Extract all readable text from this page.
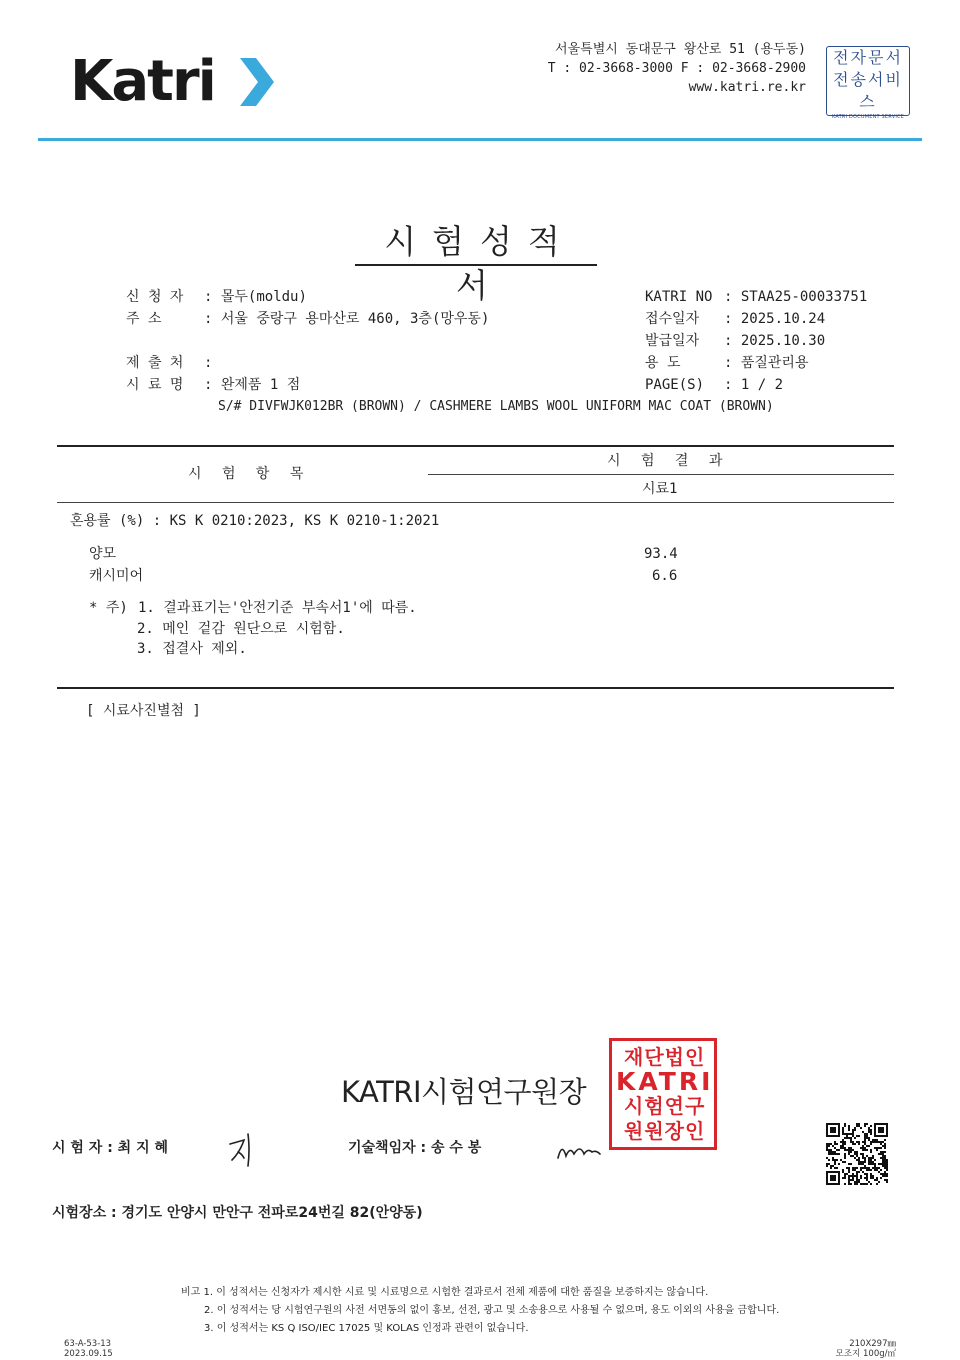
Katri	서울특별시 동대문구 왕산로 51 (용두동)
T : 02-3668-3000 F : 02-3668-2900
www.katri.re.kr
전자문서
전송서비스
KATRI DOCUMENT SERVICE
시험성적서
신 청 자 : 몰두(moldu)
주 소	: 서울 중랑구 용마산로 460, 3층(망우동)
제 출 처 :
시 료 명 : 완제품 1 점
S/# DIVFWJK012BR (BROWN) / CASHMERE LAMBS WOOL UNIFORM MAC COAT (BROWN)
KATRI NO : STAA25-00033751
접수일자 : 2025.10.24
발급일자 : 2025.10.30
용 도	: 품질관리용
PAGE(S) : 1 / 2
시 험 항 목
시 험 결 과
시료1
혼용률 (%) : KS K 0210:2023, KS K 0210-1:2021
양모	93.4
캐시미어	6.6
* 주) 1. 결과표기는'안전기준 부속서1'에 따름.
2. 메인 겉감 원단으로 시험함.
3. 접결사 제외.
[ 시료사진별첨 ]
KATRI시험연구원장
재단법인
KATRI
시험연구
원원장인
시 험 자 : 최 지 혜	기술책임자 : 송 수 봉
시험장소 : 경기도 안양시 만안구 전파로24번길 82(안양동)
비고 1. 이 성적서는 신청자가 제시한 시료 및 시료명으로 시험한 결과로서 전체 제품에 대한 품질을 보증하지는 않습니다.
2. 이 성적서는 당 시험연구원의 사전 서면동의 없이 홍보, 선전, 광고 및 소송용으로 사용될 수 없으며, 용도 이외의 사용을 금합니다.
3. 이 성적서는 KS Q ISO/IEC 17025 및 KOLAS 인정과 관련이 없습니다.
63-A-53-13
2023.09.15
210X297㎜
모조지 100g/㎡
